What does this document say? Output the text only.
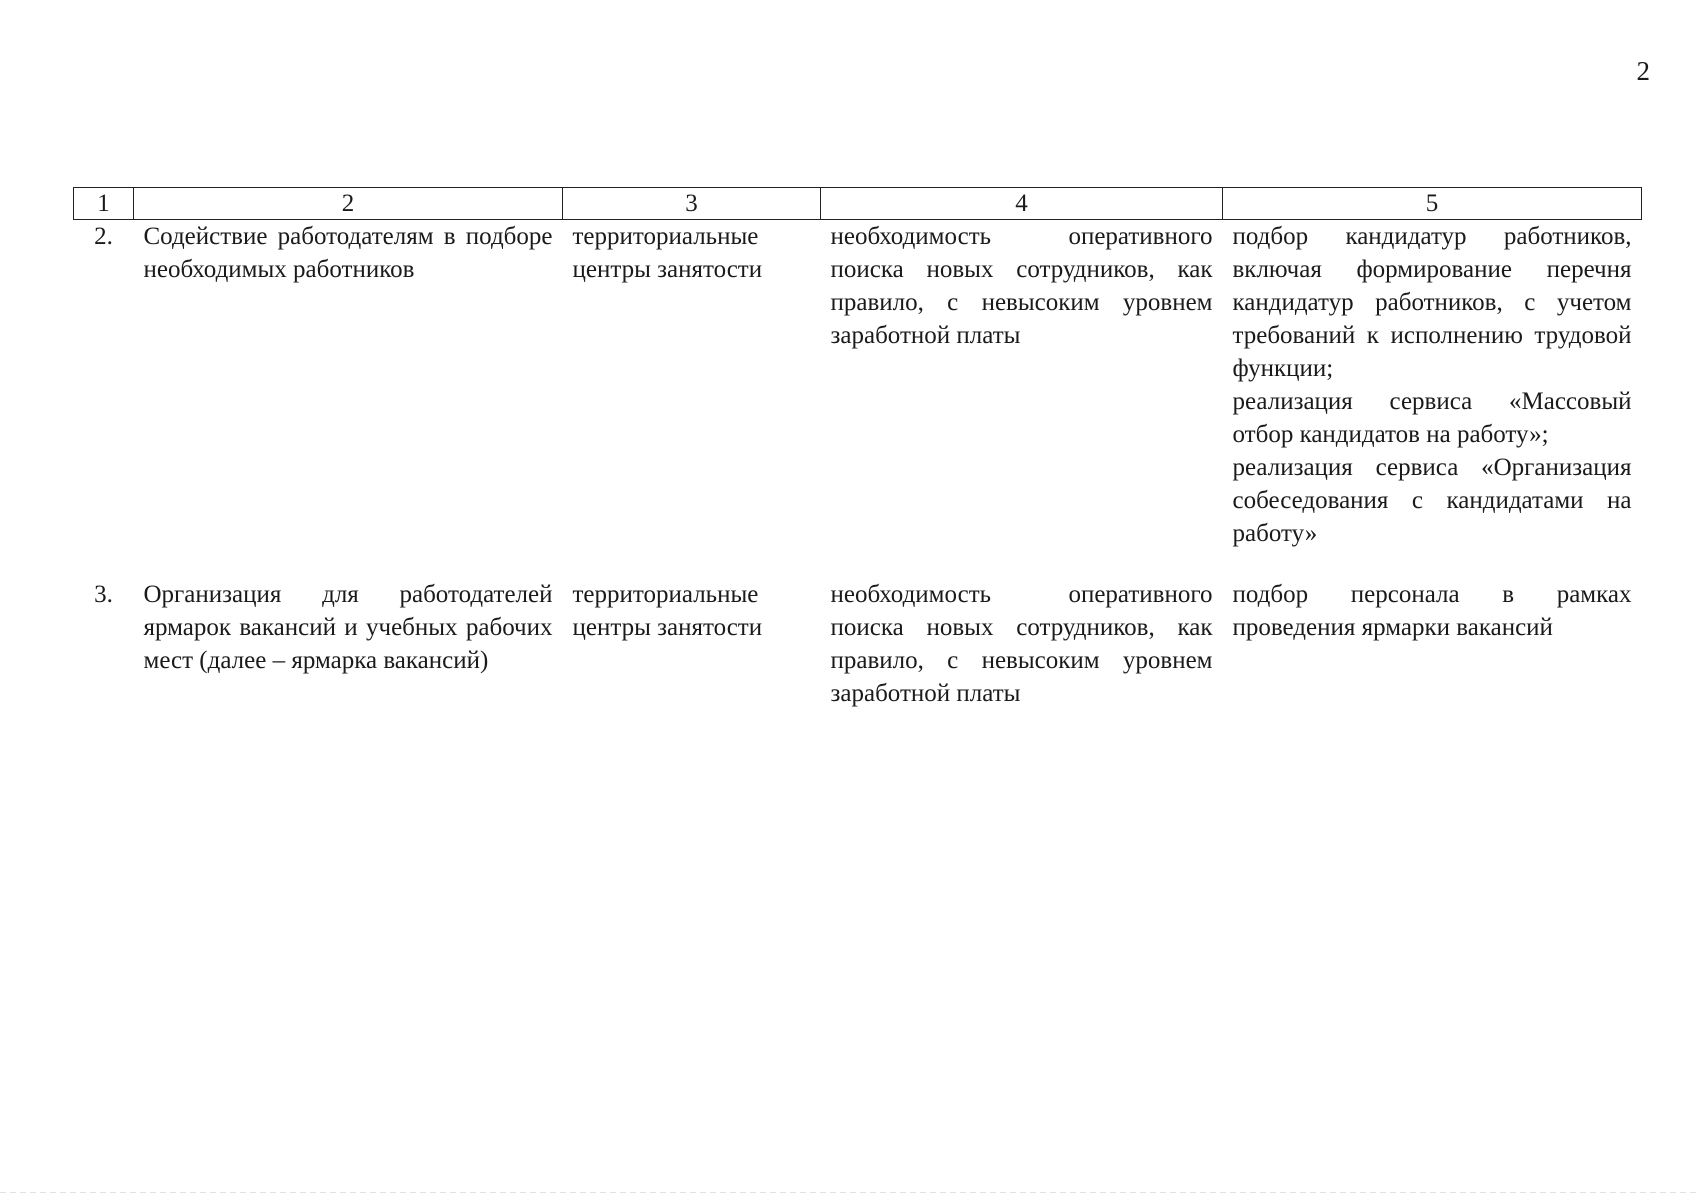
2
1	2	3	4	5
2.	Содействие работодателям в подборе необходимых работников	территориальные центры занятости	необходимость оперативного поиска новых сотрудников, как правило, с невысоким уровнем заработной платы	подбор кандидатур работников, включая формирование перечня кандидатур работников, с учетом требований к исполнению трудовой функции;
реализация сервиса «Массовый отбор кандидатов на работу»;
реализация сервиса «Организация собеседования с кандидатами на работу»

3.	Организация для работодателей ярмарок вакансий и учебных рабочих мест (далее – ярмарка вакансий)	территориальные центры занятости	необходимость оперативного поиска новых сотрудников, как правило, с невысоким уровнем заработной платы	подбор персонала в рамках проведения ярмарки вакансий
